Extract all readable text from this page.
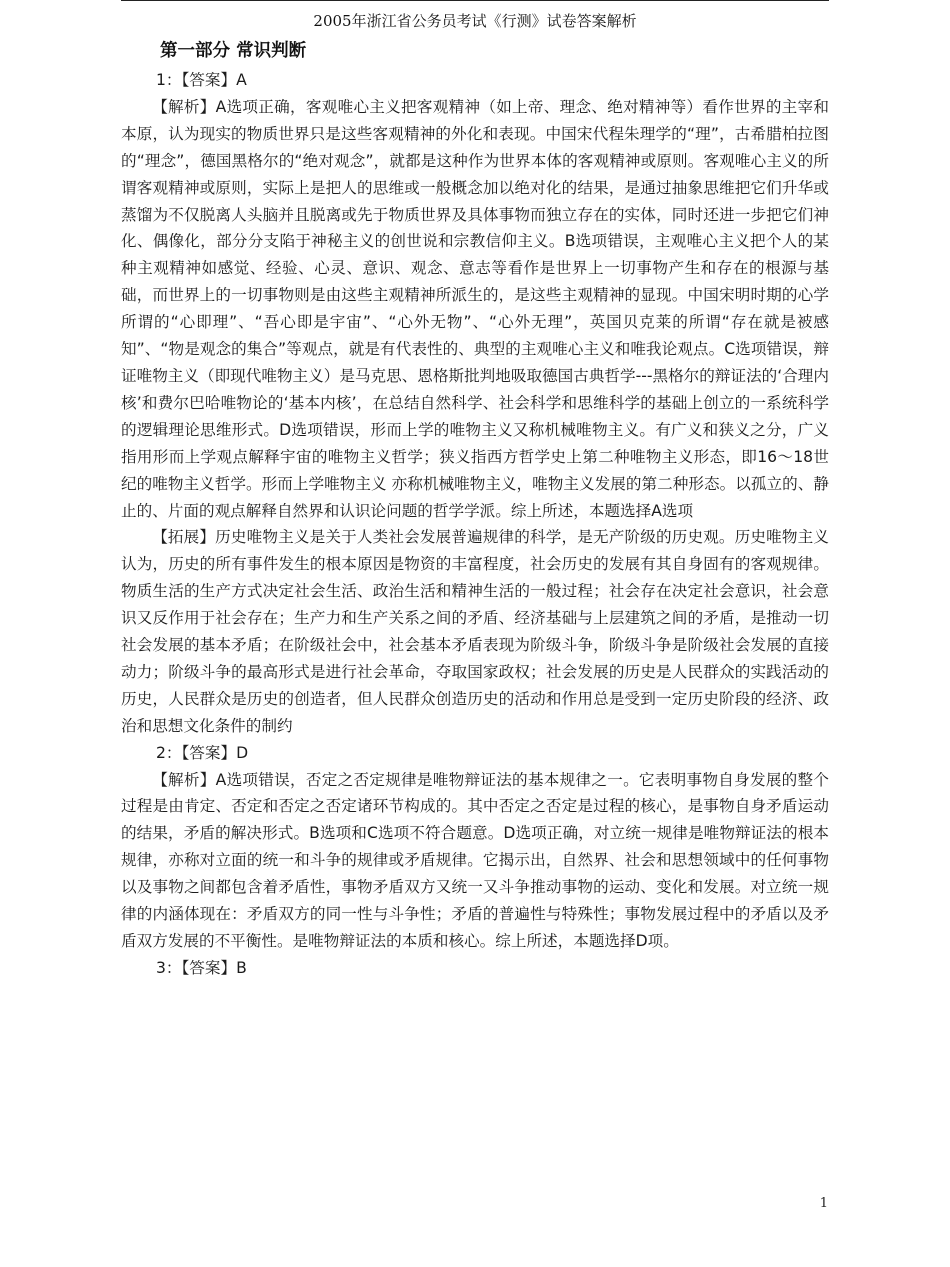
2005年浙江省公务员考试《行测》试卷答案解析
第一部分 常识判断

1：【答案】A

【解析】A选项正确，客观唯心主义把客观精神（如上帝、理念、绝对精神等）看作世界的主宰和本原，认为现实的物质世界只是这些客观精神的外化和表现。中国宋代程朱理学的“理”，古希腊柏拉图的“理念”，德国黑格尔的“绝对观念”，就都是这种作为世界本体的客观精神或原则。客观唯心主义的所谓客观精神或原则，实际上是把人的思维或一般概念加以绝对化的结果，是通过抽象思维把它们升华或蒸馏为不仅脱离人头脑并且脱离或先于物质世界及具体事物而独立存在的实体，同时还进一步把它们神化、偶像化，部分分支陷于神秘主义的创世说和宗教信仰主义。B选项错误，主观唯心主义把个人的某种主观精神如感觉、经验、心灵、意识、观念、意志等看作是世界上一切事物产生和存在的根源与基础，而世界上的一切事物则是由这些主观精神所派生的，是这些主观精神的显现。中国宋明时期的心学所谓的“心即理”、“吾心即是宇宙”、“心外无物”、“心外无理”，英国贝克莱的所谓“存在就是被感知”、“物是观念的集合”等观点，就是有代表性的、典型的主观唯心主义和唯我论观点。C选项错误，辩证唯物主义（即现代唯物主义）是马克思、恩格斯批判地吸取德国古典哲学---黑格尔的辩证法的‘合理内核’和费尔巴哈唯物论的‘基本内核’，在总结自然科学、社会科学和思维科学的基础上创立的一系统科学的逻辑理论思维形式。D选项错误，形而上学的唯物主义又称机械唯物主义。有广义和狭义之分，广义指用形而上学观点解释宇宙的唯物主义哲学；狭义指西方哲学史上第二种唯物主义形态，即16～18世纪的唯物主义哲学。形而上学唯物主义 亦称机械唯物主义，唯物主义发展的第二种形态。以孤立的、静止的、片面的观点解释自然界和认识论问题的哲学学派。综上所述，本题选择A选项

【拓展】历史唯物主义是关于人类社会发展普遍规律的科学，是无产阶级的历史观。历史唯物主义认为，历史的所有事件发生的根本原因是物资的丰富程度，社会历史的发展有其自身固有的客观规律。物质生活的生产方式决定社会生活、政治生活和精神生活的一般过程；社会存在决定社会意识，社会意识又反作用于社会存在；生产力和生产关系之间的矛盾、经济基础与上层建筑之间的矛盾，是推动一切社会发展的基本矛盾；在阶级社会中，社会基本矛盾表现为阶级斗争，阶级斗争是阶级社会发展的直接动力；阶级斗争的最高形式是进行社会革命，夺取国家政权；社会发展的历史是人民群众的实践活动的历史，人民群众是历史的创造者，但人民群众创造历史的活动和作用总是受到一定历史阶段的经济、政治和思想文化条件的制约

2：【答案】D

【解析】A选项错误，否定之否定规律是唯物辩证法的基本规律之一。它表明事物自身发展的整个过程是由肯定、否定和否定之否定诸环节构成的。其中否定之否定是过程的核心，是事物自身矛盾运动的结果，矛盾的解决形式。B选项和C选项不符合题意。D选项正确，对立统一规律是唯物辩证法的根本规律，亦称对立面的统一和斗争的规律或矛盾规律。它揭示出，自然界、社会和思想领域中的任何事物以及事物之间都包含着矛盾性，事物矛盾双方又统一又斗争推动事物的运动、变化和发展。对立统一规律的内涵体现在：矛盾双方的同一性与斗争性；矛盾的普遍性与特殊性；事物发展过程中的矛盾以及矛盾双方发展的不平衡性。是唯物辩证法的本质和核心。综上所述，本题选择D项。

3：【答案】B

1
